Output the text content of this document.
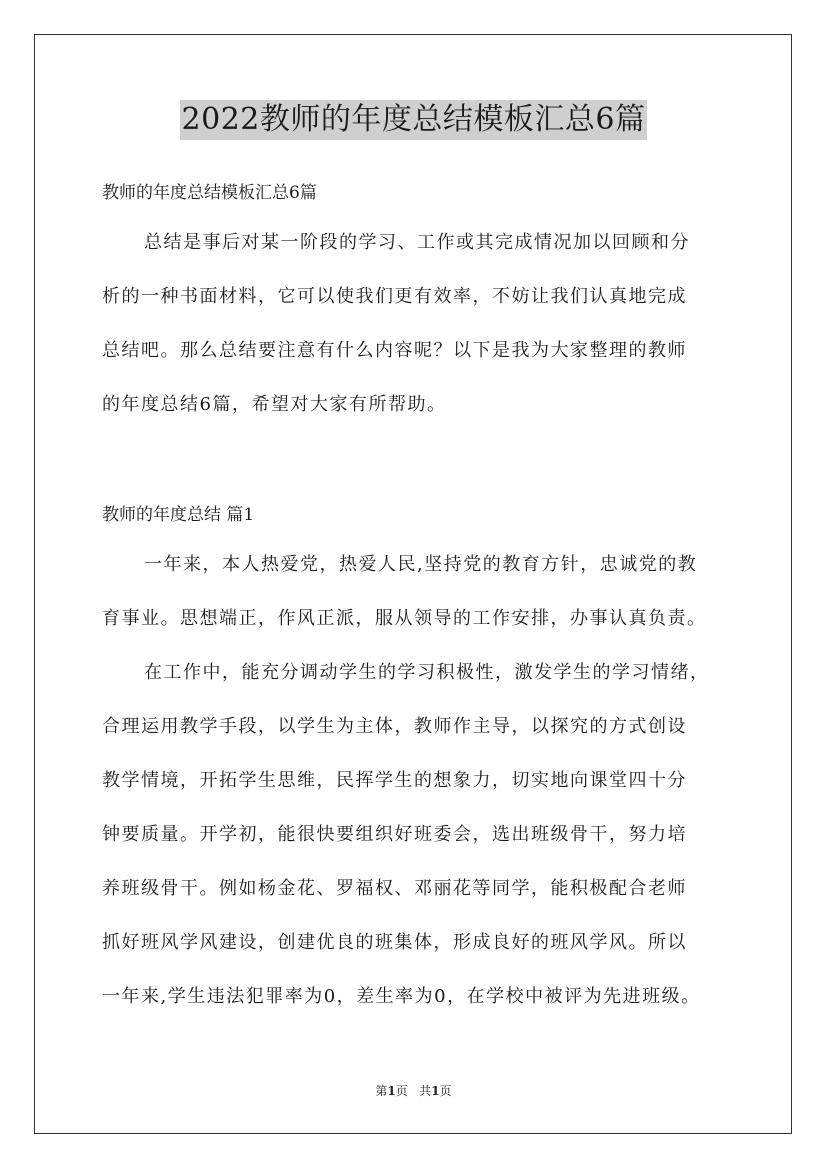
2022教师的年度总结模板汇总6篇
教师的年度总结模板汇总6篇
总结是事后对某一阶段的学习、工作或其完成情况加以回顾和分
析的一种书面材料，它可以使我们更有效率，不妨让我们认真地完成
总结吧。那么总结要注意有什么内容呢？以下是我为大家整理的教师
的年度总结6篇，希望对大家有所帮助。
教师的年度总结 篇1
一年来，本人热爱党，热爱人民,坚持党的教育方针，忠诚党的教
育事业。思想端正，作风正派，服从领导的工作安排，办事认真负责。
在工作中，能充分调动学生的学习积极性，激发学生的学习情绪，
合理运用教学手段，以学生为主体，教师作主导，以探究的方式创设
教学情境，开拓学生思维，民挥学生的想象力，切实地向课堂四十分
钟要质量。开学初，能很快要组织好班委会，选出班级骨干，努力培
养班级骨干。例如杨金花、罗福权、邓丽花等同学，能积极配合老师
抓好班风学风建设，创建优良的班集体，形成良好的班风学风。所以
一年来,学生违法犯罪率为0，差生率为0，在学校中被评为先进班级。
第1页 共1页
